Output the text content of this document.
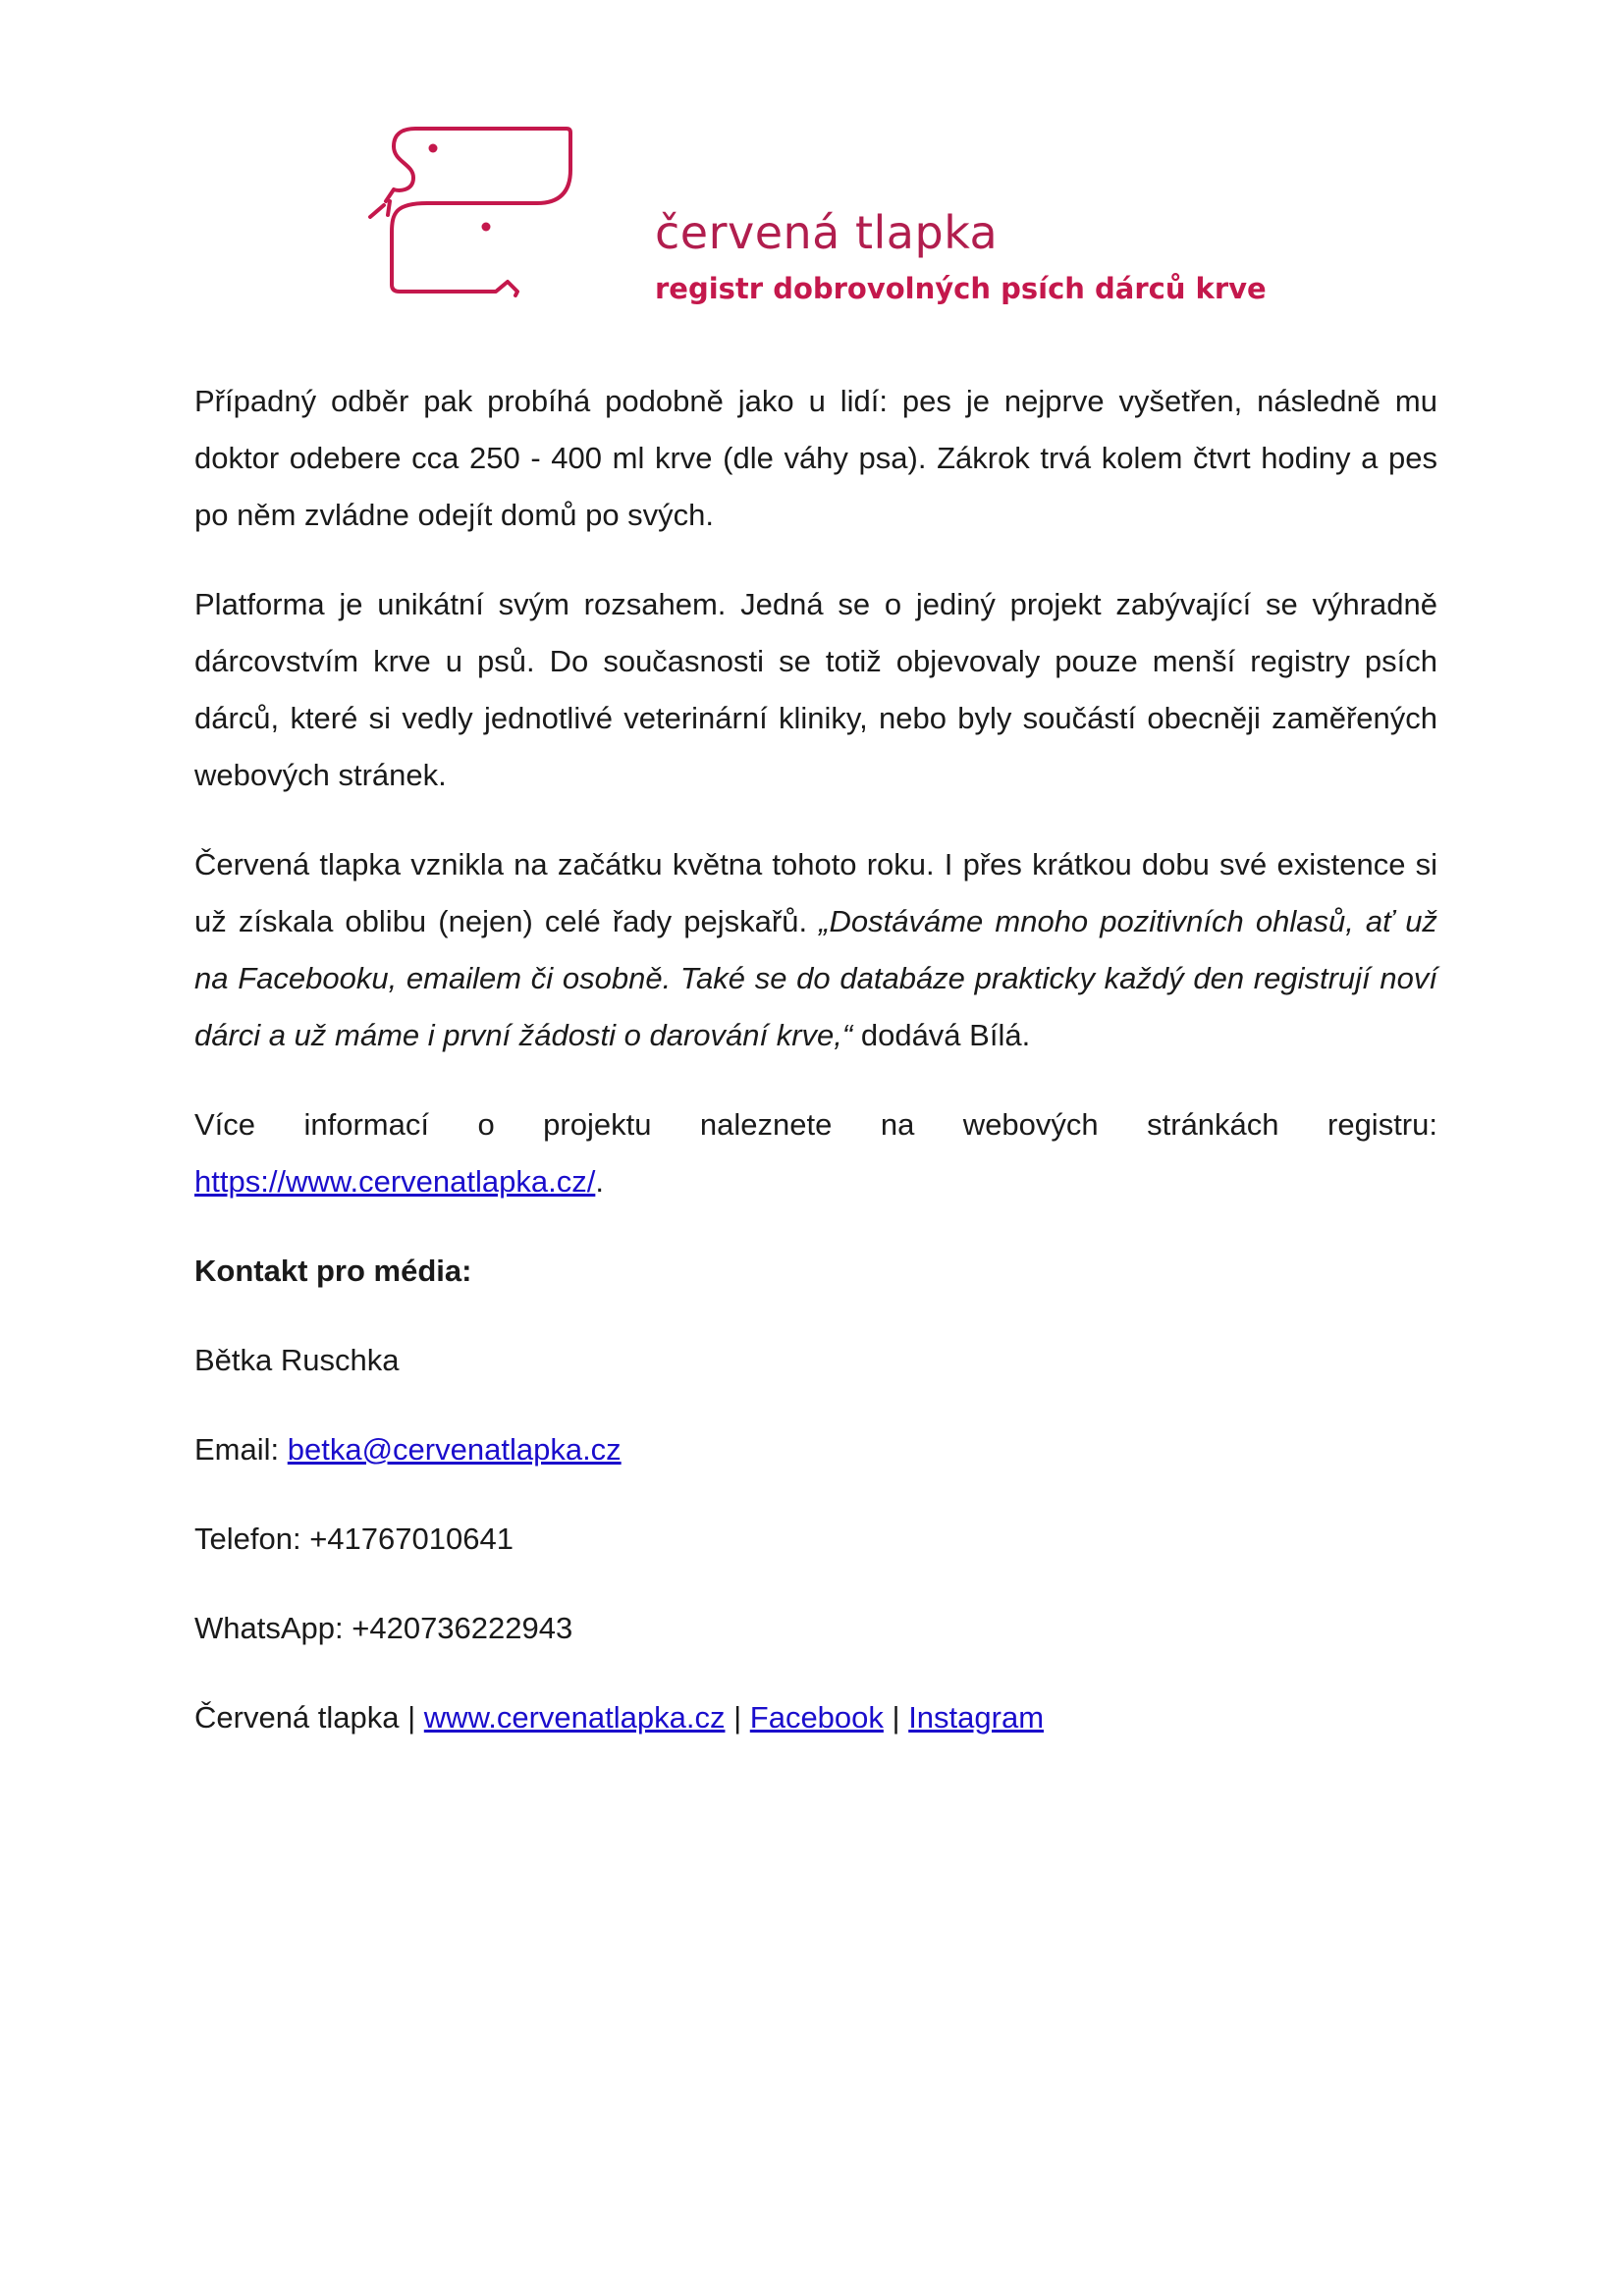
červená tlapka
registr dobrovolných psích dárců krve

Případný odběr pak probíhá podobně jako u lidí: pes je nejprve vyšetřen, následně mu doktor odebere cca 250 - 400 ml krve (dle váhy psa). Zákrok trvá kolem čtvrt hodiny a pes po něm zvládne odejít domů po svých.

Platforma je unikátní svým rozsahem. Jedná se o jediný projekt zabývající se výhradně dárcovstvím krve u psů. Do současnosti se totiž objevovaly pouze menší registry psích dárců, které si vedly jednotlivé veterinární kliniky, nebo byly součástí obecněji zaměřených webových stránek.

Červená tlapka vznikla na začátku května tohoto roku. I přes krátkou dobu své existence si už získala oblibu (nejen) celé řady pejskařů. „Dostáváme mnoho pozitivních ohlasů, ať už na Facebooku, emailem či osobně. Také se do databáze prakticky každý den registrují noví dárci a už máme i první žádosti o darování krve,“ dodává Bílá.

Více informací o projektu naleznete na webových stránkách registru: https://www.cervenatlapka.cz/.

Kontakt pro média:

Bětka Ruschka

Email: betka@cervenatlapka.cz

Telefon: +41767010641

WhatsApp: +420736222943

Červená tlapka | www.cervenatlapka.cz | Facebook | Instagram
